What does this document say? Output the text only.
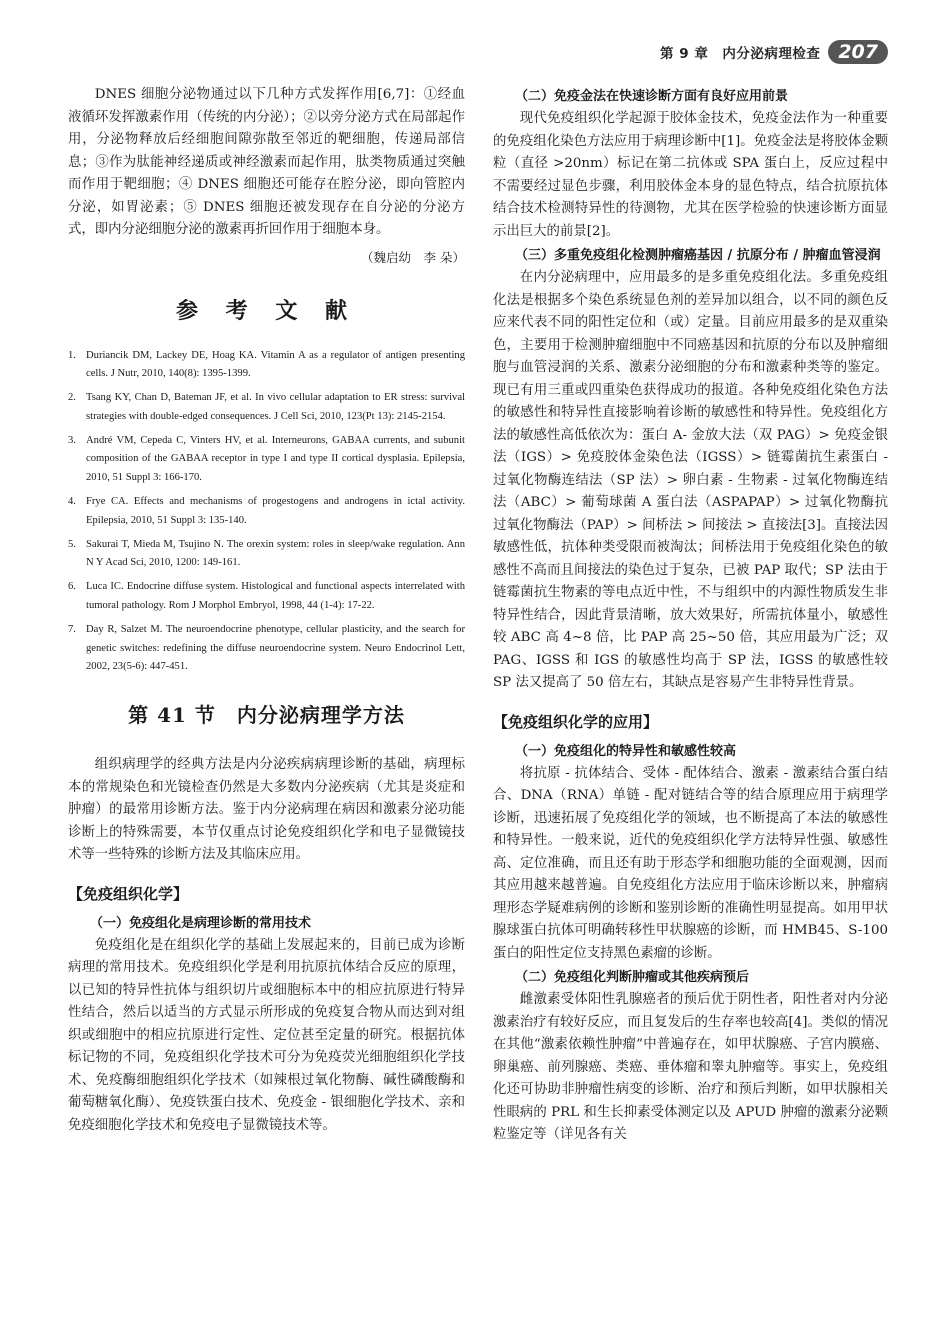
第 9 章　内分泌病理检查 207

DNES 细胞分泌物通过以下几种方式发挥作用[6,7]：①经血液循环发挥激素作用（传统的内分泌）；②以旁分泌方式在局部起作用，分泌物释放后经细胞间隙弥散至邻近的靶细胞，传递局部信息；③作为肽能神经递质或神经激素而起作用，肽类物质通过突触而作用于靶细胞；④ DNES 细胞还可能存在腔分泌，即向管腔内分泌，如胃泌素；⑤ DNES 细胞还被发现存在自分泌的分泌方式，即内分泌细胞分泌的激素再折回作用于细胞本身。

（魏启幼　李 朵）
参 考 文 献
1. Duriancik DM, Lackey DE, Hoag KA. Vitamin A as a regulator of antigen presenting cells. J Nutr, 2010, 140(8): 1395-1399.
2. Tsang KY, Chan D, Bateman JF, et al. In vivo cellular adaptation to ER stress: survival strategies with double-edged consequences. J Cell Sci, 2010, 123(Pt 13): 2145-2154.
3. André VM, Cepeda C, Vinters HV, et al. Interneurons, GABAA currents, and subunit composition of the GABAA receptor in type I and type II cortical dysplasia. Epilepsia, 2010, 51 Suppl 3: 166-170.
4. Frye CA. Effects and mechanisms of progestogens and androgens in ictal activity. Epilepsia, 2010, 51 Suppl 3: 135-140.
5. Sakurai T, Mieda M, Tsujino N. The orexin system: roles in sleep/wake regulation. Ann N Y Acad Sci, 2010, 1200: 149-161.
6. Luca IC. Endocrine diffuse system. Histological and functional aspects interrelated with tumoral pathology. Rom J Morphol Embryol, 1998, 44 (1-4): 17-22.
7. Day R, Salzet M. The neuroendocrine phenotype, cellular plasticity, and the search for genetic switches: redefining the diffuse neuroendocrine system. Neuro Endocrinol Lett, 2002, 23(5-6): 447-451.
第 41 节　内分泌病理学方法

组织病理学的经典方法是内分泌疾病病理诊断的基础，病理标本的常规染色和光镜检查仍然是大多数内分泌疾病（尤其是炎症和肿瘤）的最常用诊断方法。鉴于内分泌病理在病因和激素分泌功能诊断上的特殊需要，本节仅重点讨论免疫组织化学和电子显微镜技术等一些特殊的诊断方法及其临床应用。

【免疫组织化学】
（一）免疫组化是病理诊断的常用技术

免疫组化是在组织化学的基础上发展起来的，目前已成为诊断病理的常用技术。免疫组织化学是利用抗原抗体结合反应的原理，以已知的特异性抗体与组织切片或细胞标本中的相应抗原进行特异性结合，然后以适当的方式显示所形成的免疫复合物从而达到对组织或细胞中的相应抗原进行定性、定位甚至定量的研究。根据抗体标记物的不同，免疫组织化学技术可分为免疫荧光细胞组织化学技术、免疫酶细胞组织化学技术（如辣根过氧化物酶、碱性磷酸酶和葡萄糖氧化酶）、免疫铁蛋白技术、免疫金 - 银细胞化学技术、亲和免疫细胞化学技术和免疫电子显微镜技术等。

（二）免疫金法在快速诊断方面有良好应用前景

现代免疫组织化学起源于胶体金技术，免疫金法作为一种重要的免疫组化染色方法应用于病理诊断中[1]。免疫金法是将胶体金颗粒（直径 >20nm）标记在第二抗体或 SPA 蛋白上，反应过程中不需要经过显色步骤，利用胶体金本身的显色特点，结合抗原抗体结合技术检测特异性的待测物，尤其在医学检验的快速诊断方面显示出巨大的前景[2]。

（三）多重免疫组化检测肿瘤癌基因 / 抗原分布 / 肿瘤血管浸润

在内分泌病理中，应用最多的是多重免疫组化法。多重免疫组化法是根据多个染色系统显色剂的差异加以组合，以不同的颜色反应来代表不同的阳性定位和（或）定量。目前应用最多的是双重染色，主要用于检测肿瘤细胞中不同癌基因和抗原的分布以及肿瘤细胞与血管浸润的关系、激素分泌细胞的分布和激素种类等的鉴定。现已有用三重或四重染色获得成功的报道。各种免疫组化染色方法的敏感性和特异性直接影响着诊断的敏感性和特异性。免疫组化方法的敏感性高低依次为：蛋白 A- 金放大法（双 PAG）> 免疫金银法（IGS）> 免疫胶体金染色法（IGSS）> 链霉菌抗生素蛋白 - 过氧化物酶连结法（SP 法）> 卵白素 - 生物素 - 过氧化物酶连结法（ABC）> 葡萄球菌 A 蛋白法（ASPAPAP）> 过氧化物酶抗过氧化物酶法（PAP）> 间桥法 > 间接法 > 直接法[3]。直接法因敏感性低，抗体种类受限而被淘汰；间桥法用于免疫组化染色的敏感性不高而且间接法的染色过于复杂，已被 PAP 取代；SP 法由于链霉菌抗生物素的等电点近中性，不与组织中的内源性物质发生非特异性结合，因此背景清晰，放大效果好，所需抗体量小，敏感性较 ABC 高 4~8 倍，比 PAP 高 25~50 倍，其应用最为广泛；双 PAG、IGSS 和 IGS 的敏感性均高于 SP 法，IGSS 的敏感性较 SP 法又提高了 50 倍左右，其缺点是容易产生非特异性背景。

【免疫组织化学的应用】
（一）免疫组化的特异性和敏感性较高

将抗原 - 抗体结合、受体 - 配体结合、激素 - 激素结合蛋白结合、DNA（RNA）单链 - 配对链结合等的结合原理应用于病理学诊断，迅速拓展了免疫组化学的领域，也不断提高了本法的敏感性和特异性。一般来说，近代的免疫组织化学方法特异性强、敏感性高、定位准确，而且还有助于形态学和细胞功能的全面观测，因而其应用越来越普遍。自免疫组化方法应用于临床诊断以来，肿瘤病理形态学疑难病例的诊断和鉴别诊断的准确性明显提高。如用甲状腺球蛋白抗体可明确转移性甲状腺癌的诊断，而 HMB45、S-100 蛋白的阳性定位支持黑色素瘤的诊断。

（二）免疫组化判断肿瘤或其他疾病预后

雌激素受体阳性乳腺癌者的预后优于阴性者，阳性者对内分泌激素治疗有较好反应，而且复发后的生存率也较高[4]。类似的情况在其他“激素依赖性肿瘤”中普遍存在，如甲状腺癌、子宫内膜癌、卵巢癌、前列腺癌、类癌、垂体瘤和睾丸肿瘤等。事实上，免疫组化还可协助非肿瘤性病变的诊断、治疗和预后判断，如甲状腺相关性眼病的 PRL 和生长抑素受体测定以及 APUD 肿瘤的激素分泌颗粒鉴定等（详见各有关
